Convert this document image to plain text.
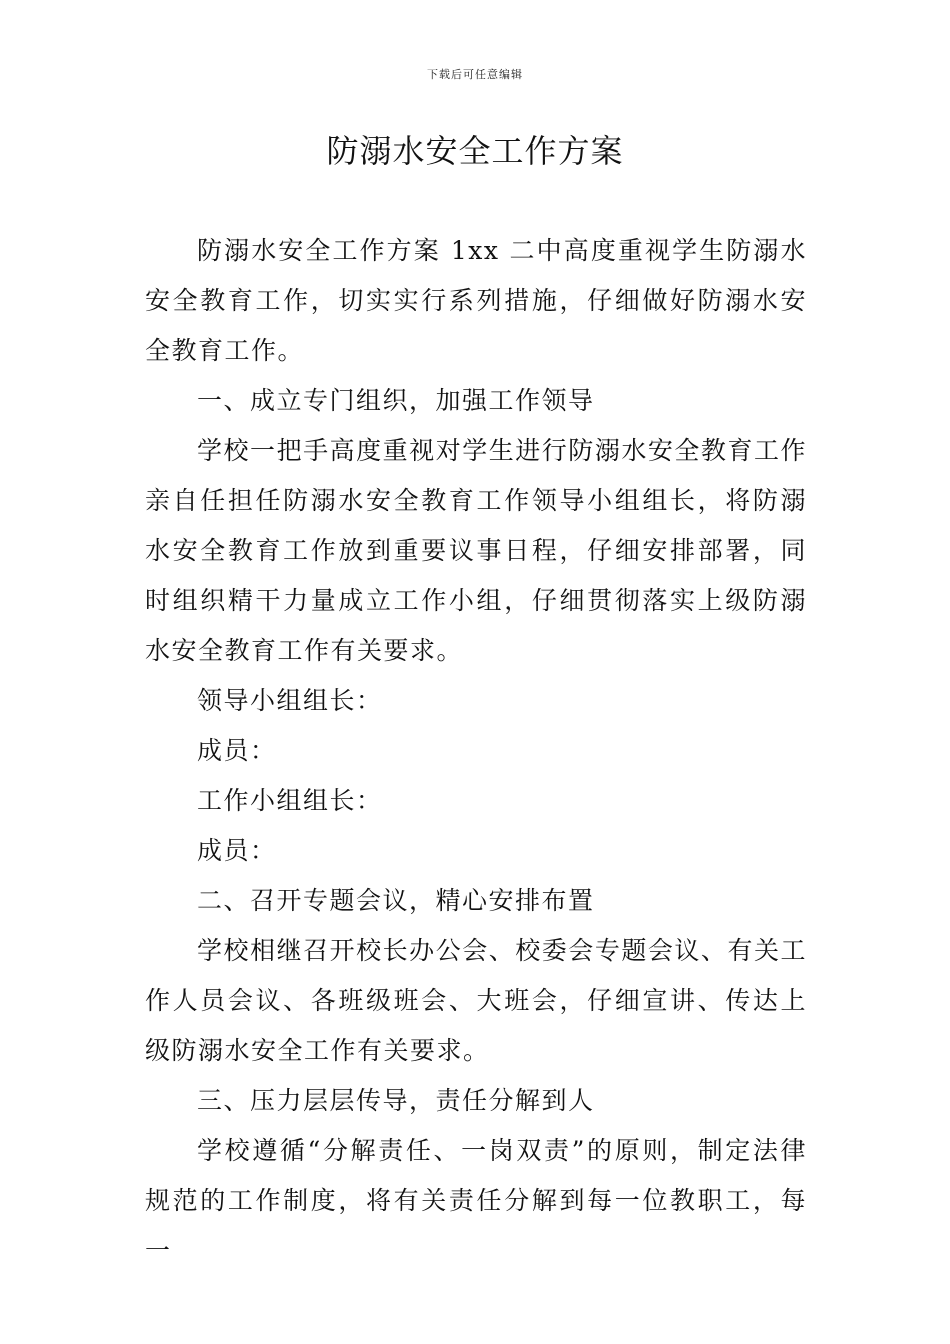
下载后可任意编辑
防溺水安全工作方案

防溺水安全工作方案 1xx 二中高度重视学生防溺水安全教育工作，切实实行系列措施，仔细做好防溺水安全教育工作。

一、成立专门组织，加强工作领导

学校一把手高度重视对学生进行防溺水安全教育工作亲自任担任防溺水安全教育工作领导小组组长，将防溺水安全教育工作放到重要议事日程，仔细安排部署，同时组织精干力量成立工作小组，仔细贯彻落实上级防溺水安全教育工作有关要求。

领导小组组长：

成员：

工作小组组长：

成员：

二、召开专题会议，精心安排布置

学校相继召开校长办公会、校委会专题会议、有关工作人员会议、各班级班会、大班会，仔细宣讲、传达上级防溺水安全工作有关要求。

三、压力层层传导，责任分解到人

学校遵循“分解责任、一岗双责”的原则，制定法律规范的工作制度，将有关责任分解到每一位教职工，每一
